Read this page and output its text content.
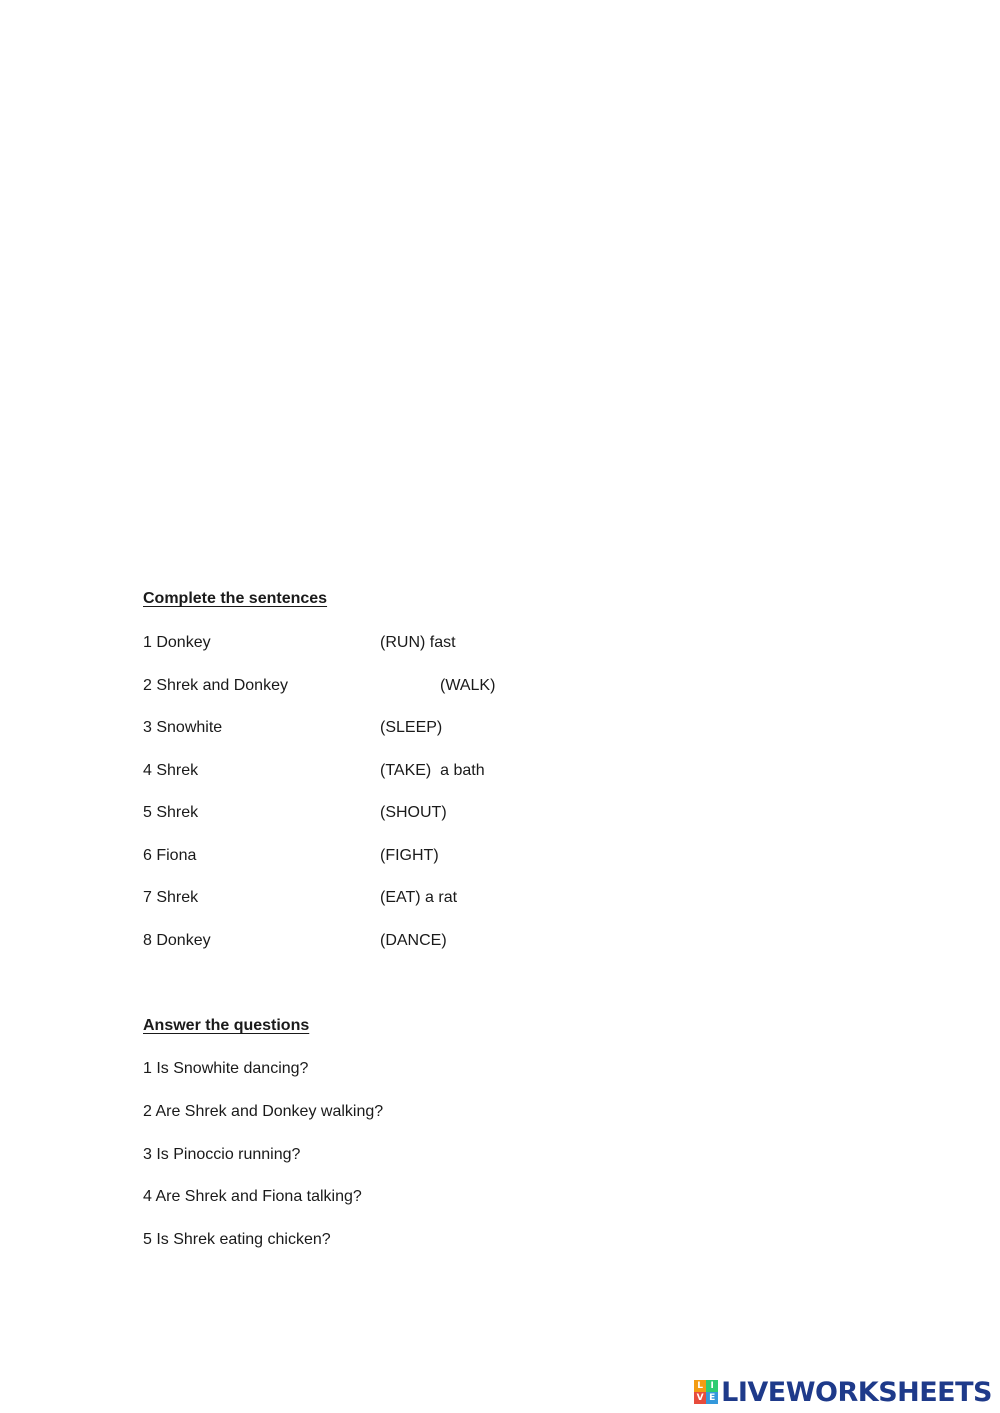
Complete the sentences
1 Donkey	(RUN) fast
2 Shrek and Donkey	(WALK)
3 Snowhite	(SLEEP)
4 Shrek	(TAKE)  a bath
5 Shrek	(SHOUT)
6 Fiona	(FIGHT)
7 Shrek	(EAT) a rat
8 Donkey	(DANCE)
Answer the questions
1 Is Snowhite dancing?
2 Are Shrek and Donkey walking?
3 Is Pinoccio running?
4 Are Shrek and Fiona talking?
5 Is Shrek eating chicken?
L I
V E LIVEWORKSHEETS
